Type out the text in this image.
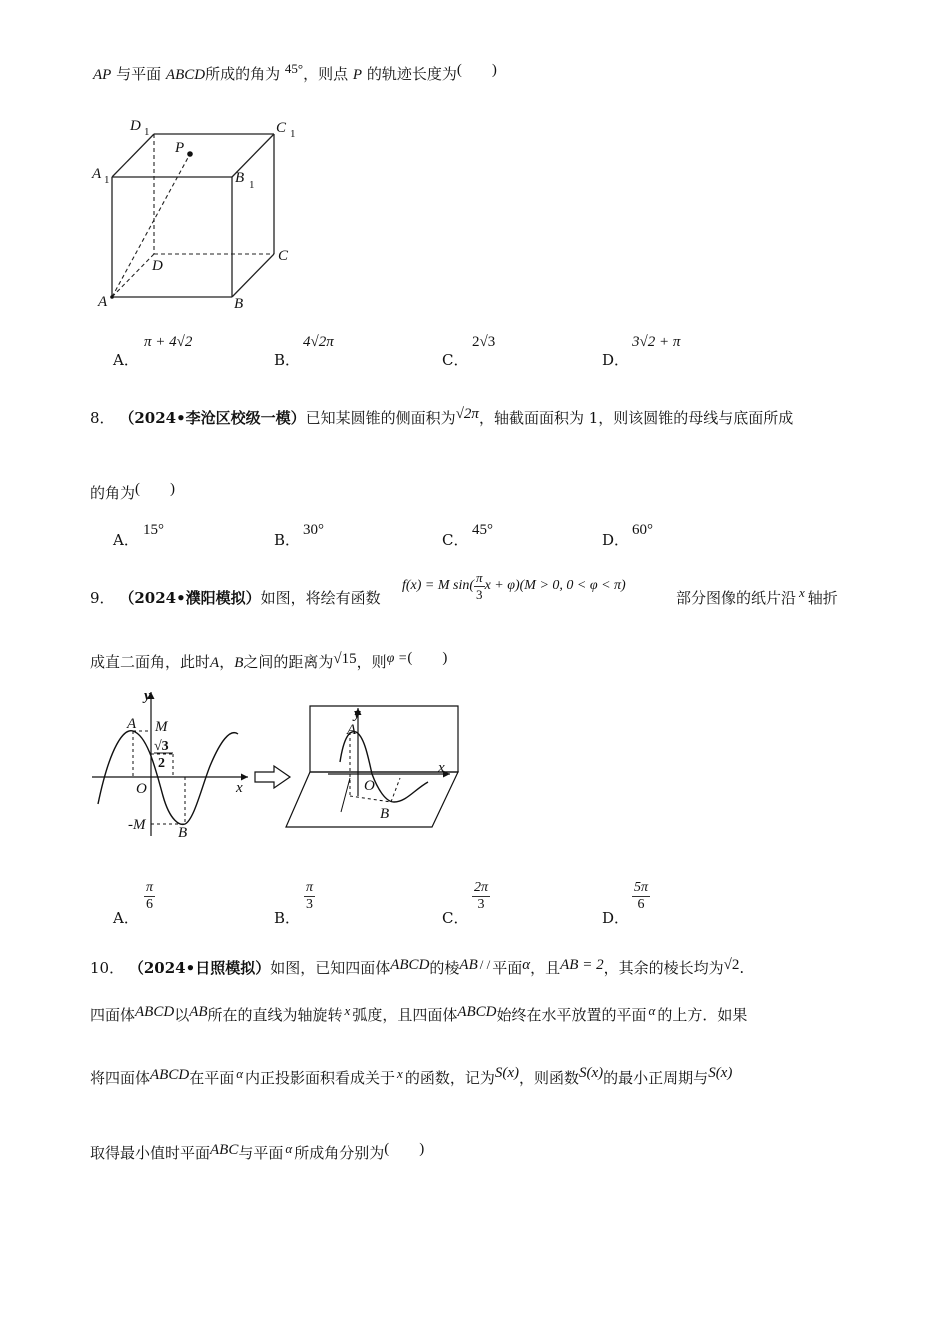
AP 与平面 ABCD所成的角为 45°，则点 P 的轨迹长度为(        )
D 1	C 1
P
A 1	B 1
D
C
A	B
A．
π + 4√2
B．
4√2π
C．
2√3
D．
3√2 + π
8． （2024•李沧区校级一模）已知某圆锥的侧面积为√2π，轴截面面积为 1，则该圆锥的母线与底面所成
的角为(        )
A．
15°
B．
30°
C．
45°
D．
60°
9． （2024•濮阳模拟）如图，将绘有函数
f(x) = M $\sin( \frac{\pi}{3}$ x + φ)(M > 0, 0 < φ < π)
部分图像的纸片沿 x 轴折
成直二面角，此时A，B之间的距离为√15，则φ =(        )
y
A M
√3
2
O	x
-M B
y
A
O
x
B
A．
$\frac{\pi}{6}$
B．
$\frac{\pi}{3}$
C．
$\frac{2\pi}{3}$
D．
$\frac{5\pi}{6}$
10． （2024•日照模拟）如图，已知四面体ABCD的棱AB / / 平面α，且AB = 2，其余的棱长均为√2.
四面体ABCD以AB所在的直线为轴旋转 x 弧度，且四面体ABCD始终在水平放置的平面 α 的上方．如果
将四面体ABCD在平面 α 内正投影面积看成关于 x 的函数，记为S(x)，则函数S(x)的最小正周期与S(x)
取得最小值时平面ABC与平面 α 所成角分别为(        )
